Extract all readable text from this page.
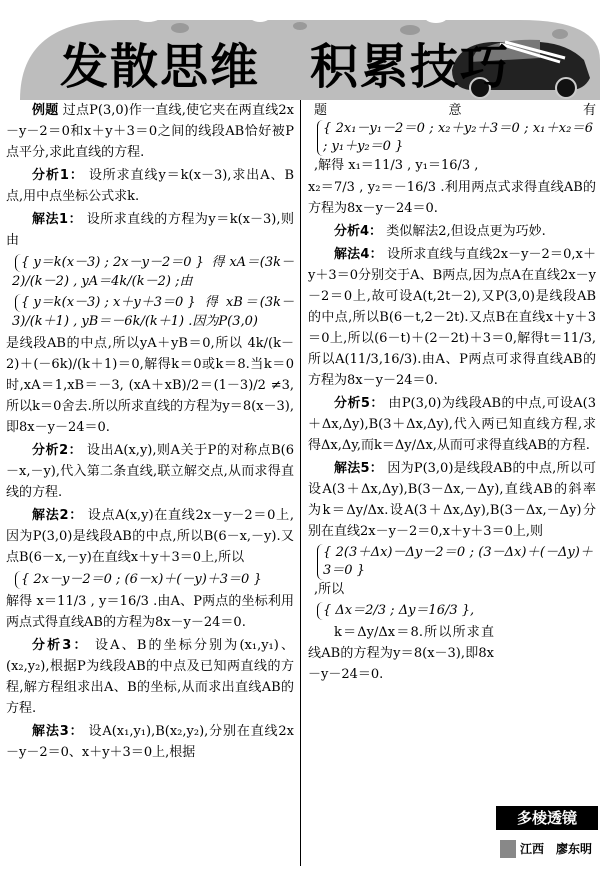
发散思维　积累技巧

例题 过点P(3,0)作一直线,使它夹在两直线2x－y－2＝0和x＋y＋3＝0之间的线段AB恰好被P点平分,求此直线的方程.

分析1： 设所求直线y＝k(x－3),求出A、B点,用中点坐标公式求k.

解法1： 设所求直线的方程为y＝k(x－3),则由

{ y＝k(x－3) ; 2x－y－2＝0 } 得 xA＝(3k－2)/(k－2) , yA＝4k/(k－2) ;由
{ y＝k(x－3) ; x＋y＋3＝0 } 得 xB＝(3k－3)/(k＋1) , yB＝－6k/(k＋1) .因为P(3,0)

是线段AB的中点,所以yA＋yB＝0,所以 4k/(k－2)＋(－6k)/(k＋1)＝0,解得k＝0或k＝8.当k＝0时,xA＝1,xB＝－3, (xA＋xB)/2＝(1－3)/2 ≠3,所以k＝0舍去.所以所求直线的方程为y＝8(x－3),即8x－y－24＝0.

分析2： 设出A(x,y),则A关于P的对称点B(6－x,－y),代入第二条直线,联立解交点,从而求得直线的方程.

解法2： 设点A(x,y)在直线2x－y－2＝0上,因为P(3,0)是线段AB的中点,所以B(6－x,－y).又点B(6－x,－y)在直线x＋y＋3＝0上,所以

{ 2x－y－2＝0 ; (6－x)＋(－y)＋3＝0 }

解得 x＝11/3 , y＝16/3 .由A、P两点的坐标利用两点式得直线AB的方程为8x－y－24＝0.

分析3： 设A、B的坐标分别为(x₁,y₁)、(x₂,y₂),根据P为线段AB的中点及已知两直线的方程,解方程组求出A、B的坐标,从而求出直线AB的方程.

解法3： 设A(x₁,y₁),B(x₂,y₂),分别在直线2x－y－2＝0、x＋y＋3＝0上,根据

题意有 { 2x₁－y₁－2＝0 ; x₂＋y₂＋3＝0 ; x₁＋x₂＝6 ; y₁＋y₂＝0 } ,解得 x₁＝11/3 , y₁＝16/3 ,

x₂＝7/3 , y₂＝－16/3 .利用两点式求得直线AB的方程为8x－y－24＝0.

分析4： 类似解法2,但设点更为巧妙.

解法4： 设所求直线与直线2x－y－2＝0,x＋y＋3＝0分别交于A、B两点,因为点A在直线2x－y－2＝0上,故可设A(t,2t－2),又P(3,0)是线段AB的中点,所以B(6－t,2－2t).又点B在直线x＋y＋3＝0上,所以(6－t)＋(2－2t)＋3＝0,解得t＝11/3,所以A(11/3,16/3).由A、P两点可求得直线AB的方程为8x－y－24＝0.

分析5： 由P(3,0)为线段AB的中点,可设A(3＋Δx,Δy),B(3＋Δx,Δy),代入两已知直线方程,求得Δx,Δy,而k＝Δy/Δx,从而可求得直线AB的方程.

解法5： 因为P(3,0)是线段AB的中点,所以可设A(3＋Δx,Δy),B(3－Δx,－Δy),直线AB的斜率为k＝Δy/Δx.设A(3＋Δx,Δy),B(3－Δx,－Δy)分别在直线2x－y－2＝0,x＋y＋3＝0上,则

{ 2(3＋Δx)－Δy－2＝0 ; (3－Δx)＋(－Δy)＋3＝0 } ,所以
{ Δx＝2/3 ; Δy＝16/3 },

k＝Δy/Δx＝8.所以所求直线AB的方程为y＝8(x－3),即8x－y－24＝0.

多棱透镜
江西　廖东明
